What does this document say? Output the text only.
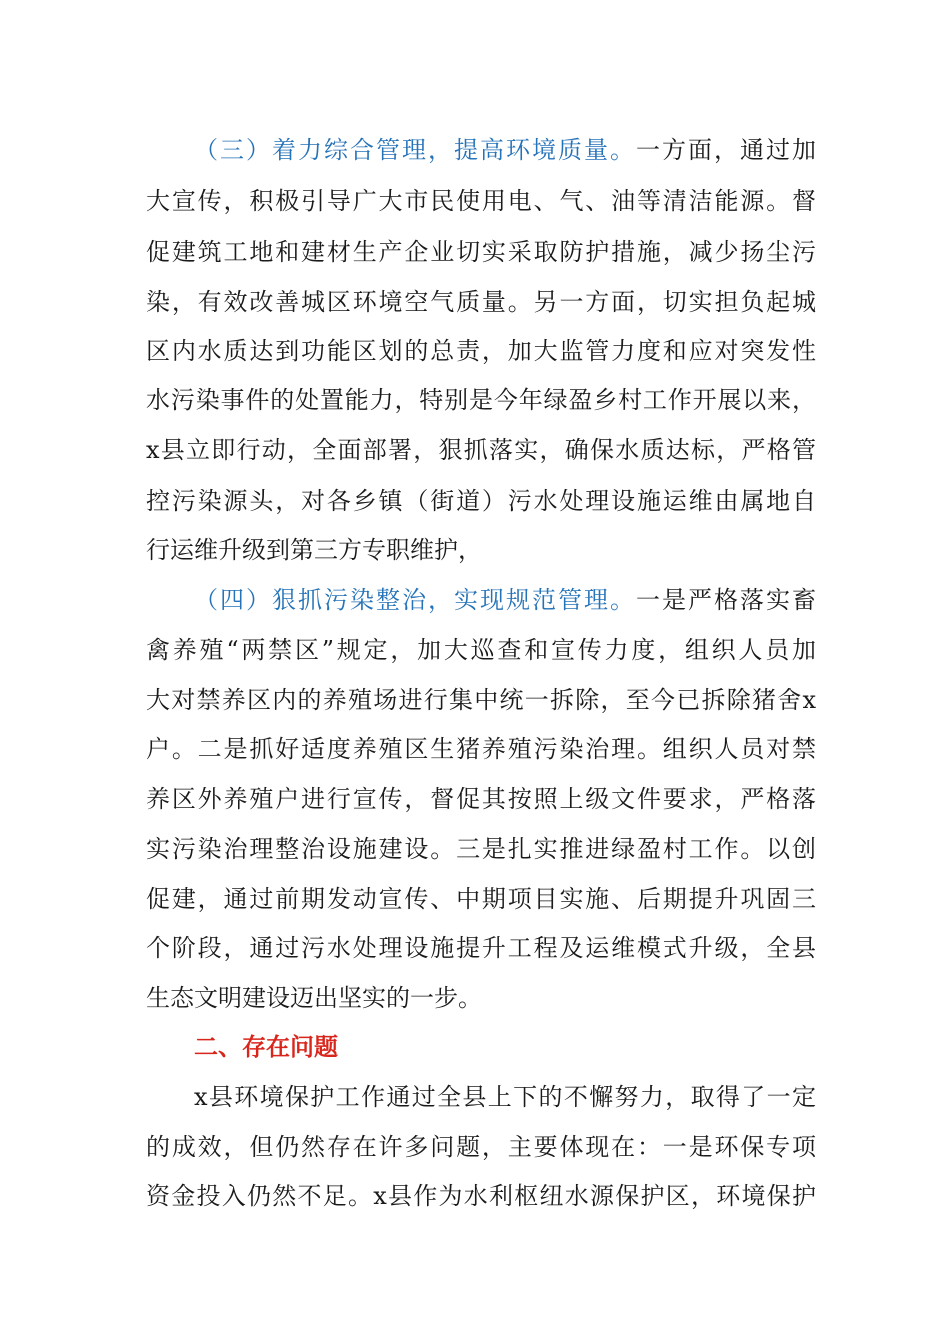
（三）着力综合管理，提高环境质量。一方面，通过加
大宣传，积极引导广大市民使用电、气、油等清洁能源。督
促建筑工地和建材生产企业切实采取防护措施，减少扬尘污
染，有效改善城区环境空气质量。另一方面，切实担负起城
区内水质达到功能区划的总责，加大监管力度和应对突发性
水污染事件的处置能力，特别是今年绿盈乡村工作开展以来，
x县立即行动，全面部署，狠抓落实，确保水质达标，严格管
控污染源头，对各乡镇（街道）污水处理设施运维由属地自
行运维升级到第三方专职维护，
（四）狠抓污染整治，实现规范管理。一是严格落实畜
禽养殖“两禁区”规定，加大巡查和宣传力度，组织人员加
大对禁养区内的养殖场进行集中统一拆除，至今已拆除猪舍x
户。二是抓好适度养殖区生猪养殖污染治理。组织人员对禁
养区外养殖户进行宣传，督促其按照上级文件要求，严格落
实污染治理整治设施建设。三是扎实推进绿盈村工作。以创
促建，通过前期发动宣传、中期项目实施、后期提升巩固三
个阶段，通过污水处理设施提升工程及运维模式升级，全县
生态文明建设迈出坚实的一步。
二、存在问题
x县环境保护工作通过全县上下的不懈努力，取得了一定
的成效，但仍然存在许多问题，主要体现在：一是环保专项
资金投入仍然不足。x县作为水利枢纽水源保护区，环境保护
